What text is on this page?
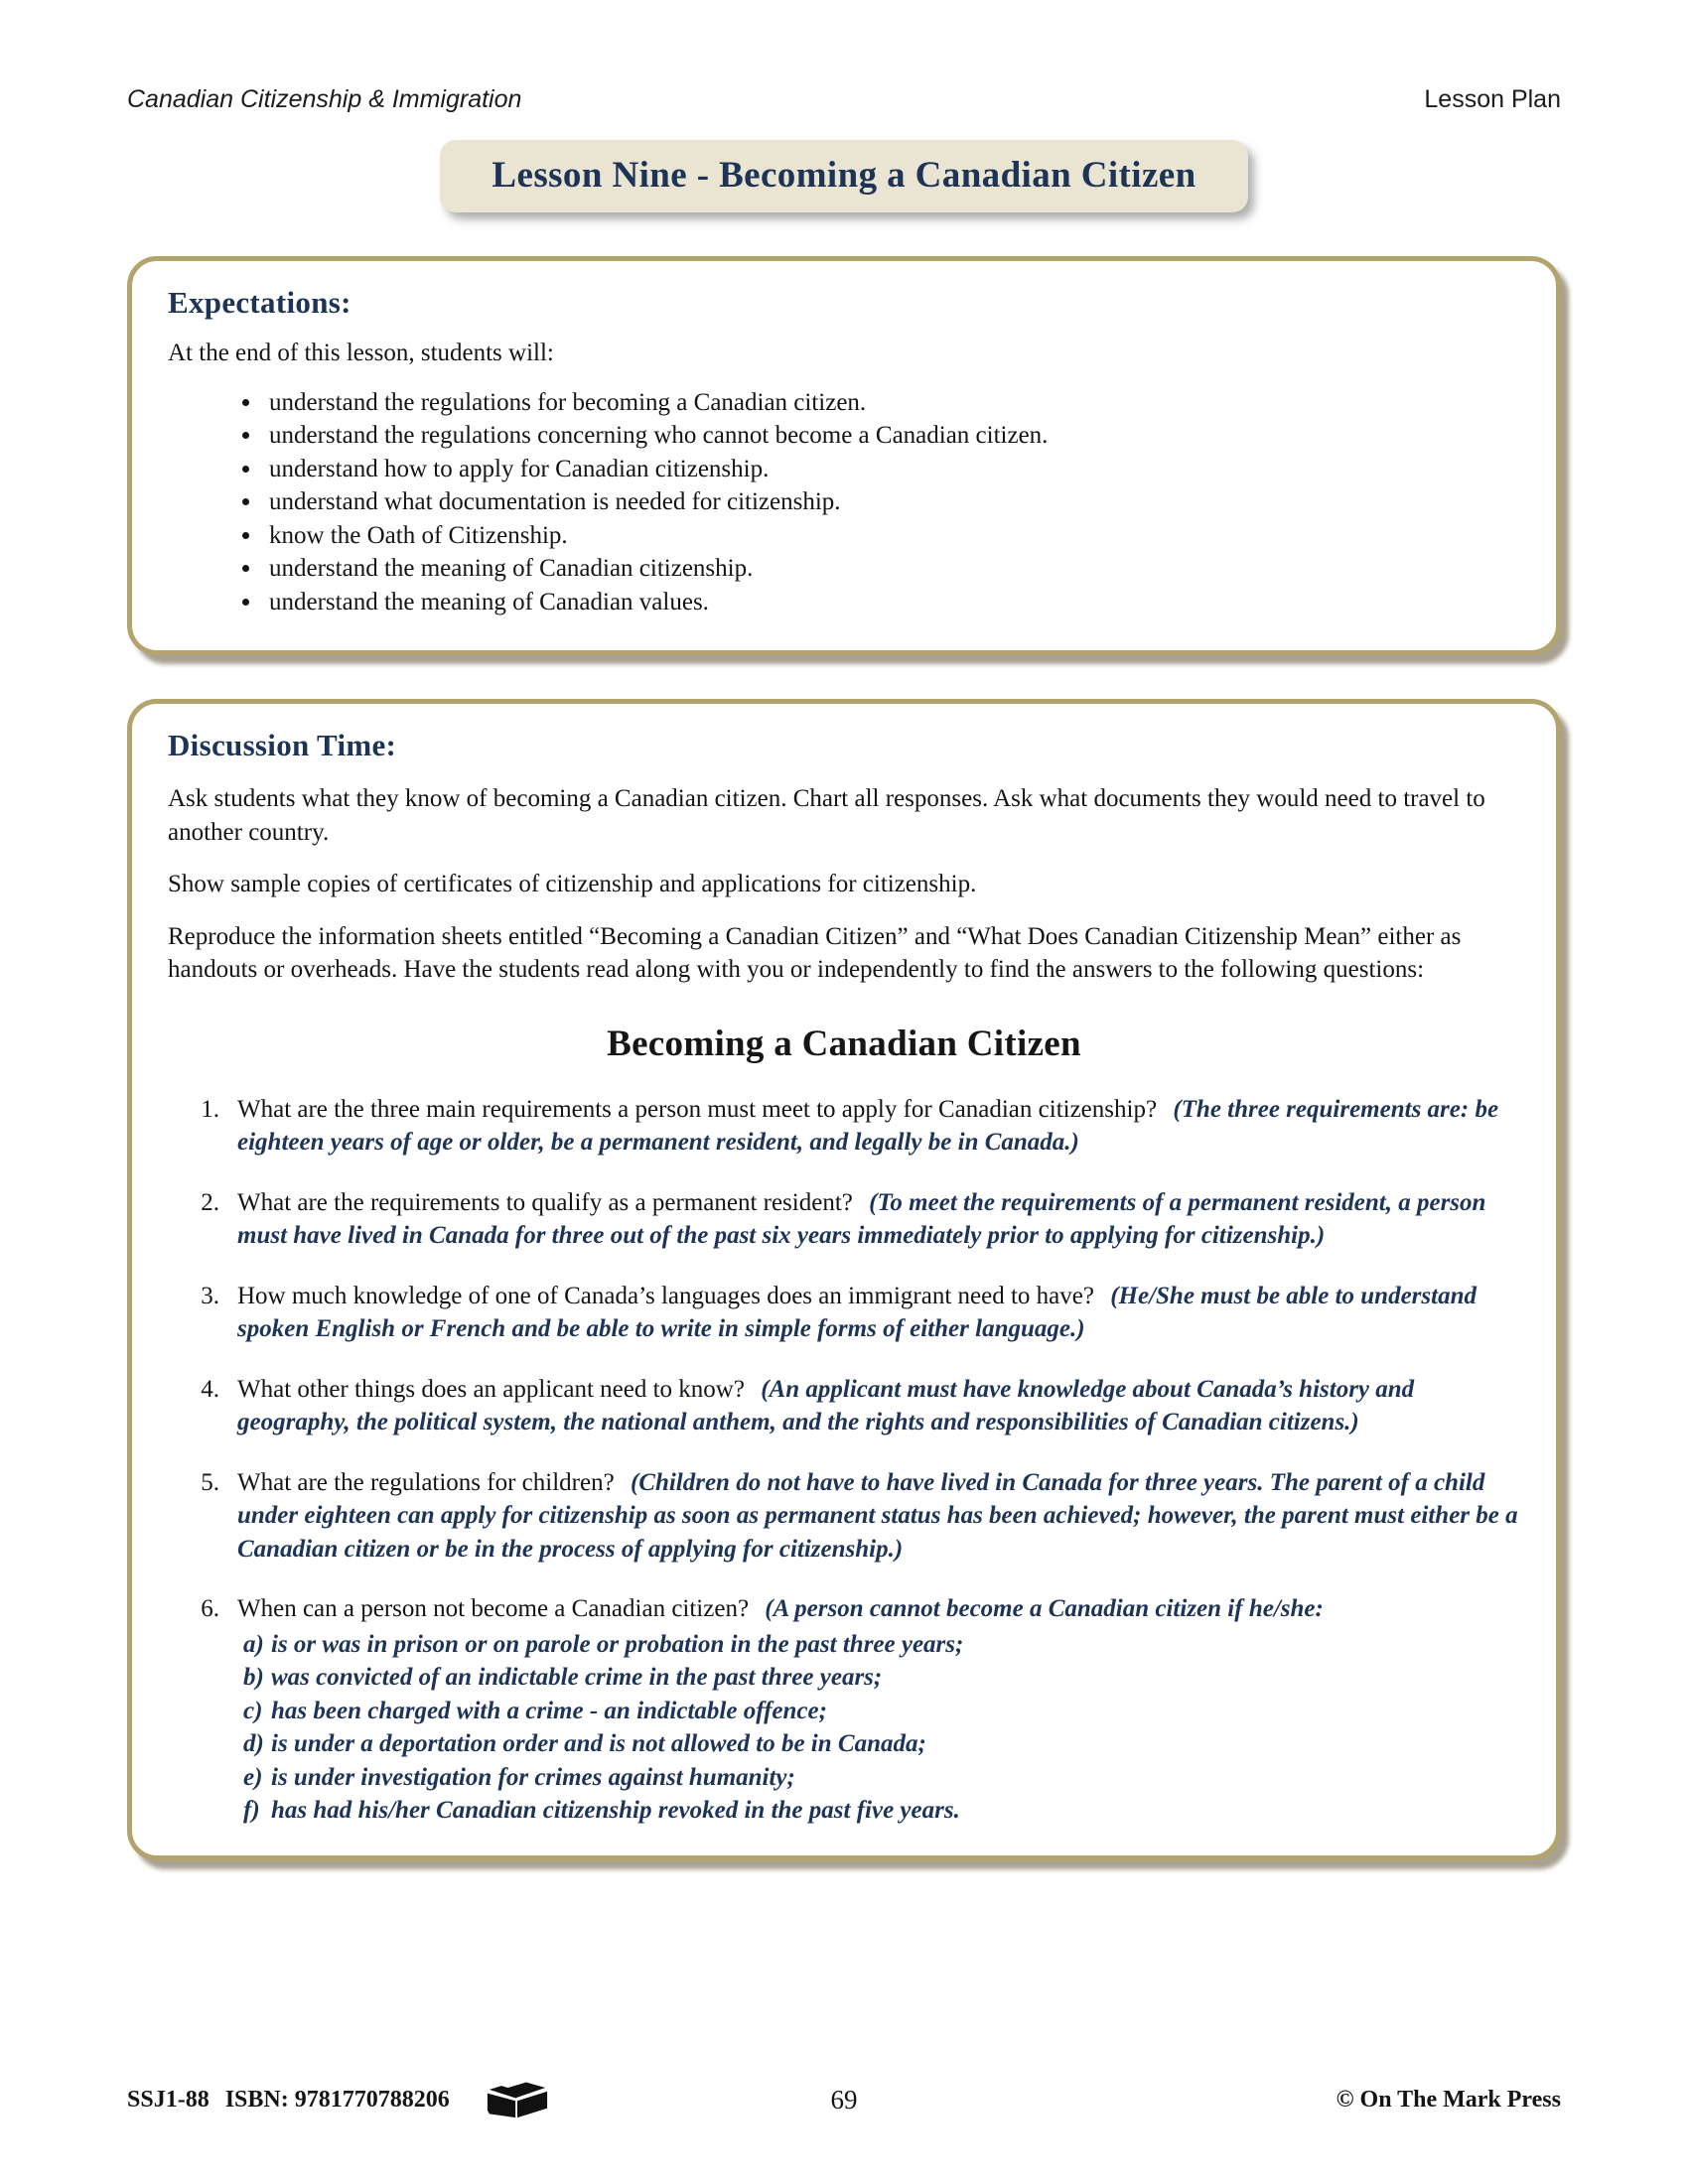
Canadian Citizenship & Immigration	Lesson Plan
Lesson Nine - Becoming a Canadian Citizen
Expectations:

At the end of this lesson, students will:

• understand the regulations for becoming a Canadian citizen.
• understand the regulations concerning who cannot become a Canadian citizen.
• understand how to apply for Canadian citizenship.
• understand what documentation is needed for citizenship.
• know the Oath of Citizenship.
• understand the meaning of Canadian citizenship.
• understand the meaning of Canadian values.
Discussion Time:

Ask students what they know of becoming a Canadian citizen. Chart all responses. Ask what documents they would need to travel to another country.

Show sample copies of certificates of citizenship and applications for citizenship.

Reproduce the information sheets entitled “Becoming a Canadian Citizen” and “What Does Canadian Citizenship Mean” either as handouts or overheads. Have the students read along with you or independently to find the answers to the following questions:

Becoming a Canadian Citizen
1. What are the three main requirements a person must meet to apply for Canadian citizenship? (The three requirements are: be eighteen years of age or older, be a permanent resident, and legally be in Canada.)
2. What are the requirements to qualify as a permanent resident? (To meet the requirements of a permanent resident, a person must have lived in Canada for three out of the past six years immediately prior to applying for citizenship.)
3. How much knowledge of one of Canada’s languages does an immigrant need to have? (He/She must be able to understand spoken English or French and be able to write in simple forms of either language.)
4. What other things does an applicant need to know? (An applicant must have knowledge about Canada’s history and geography, the political system, the national anthem, and the rights and responsibilities of Canadian citizens.)
5. What are the regulations for children? (Children do not have to have lived in Canada for three years. The parent of a child under eighteen can apply for citizenship as soon as permanent status has been achieved; however, the parent must either be a Canadian citizen or be in the process of applying for citizenship.)
6. When can a person not become a Canadian citizen? (A person cannot become a Canadian citizen if he/she:
a) is or was in prison or on parole or probation in the past three years;
b) was convicted of an indictable crime in the past three years;
c) has been charged with a crime - an indictable offence;
d) is under a deportation order and is not allowed to be in Canada;
e) is under investigation for crimes against humanity;
f) has had his/her Canadian citizenship revoked in the past five years.
SSJ1-88 ISBN: 9781770788206	69	© On The Mark Press
